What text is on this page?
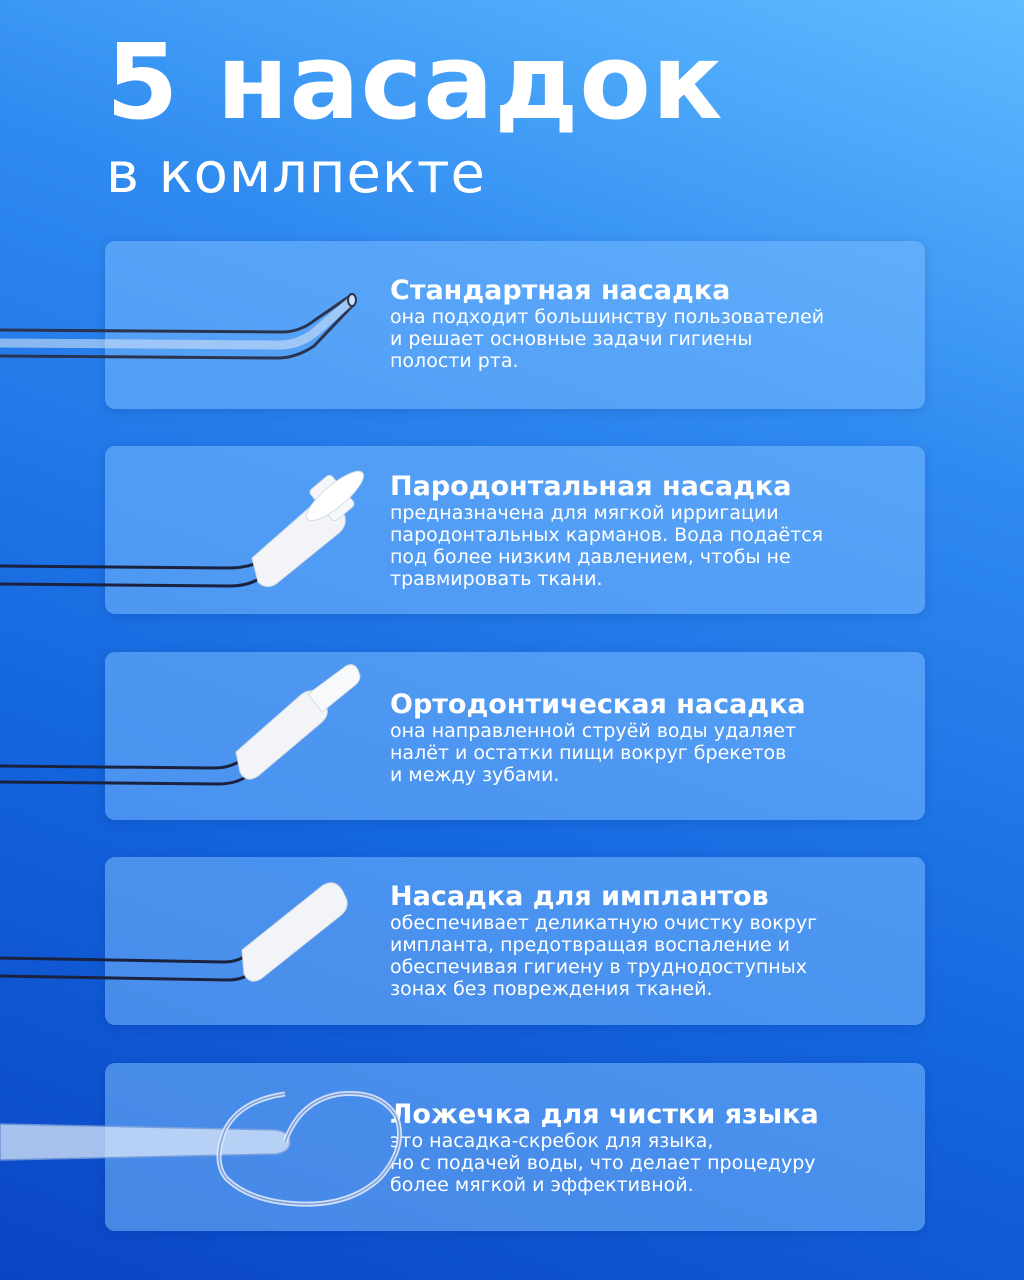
5 насадок
в комлпекте
Стандартная насадка
она подходит большинству пользователей
и решает основные задачи гигиены
полости рта.
Пародонтальная насадка
предназначена для мягкой ирригации
пародонтальных карманов. Вода подаётся
под более низким давлением, чтобы не
травмировать ткани.
Ортодонтическая насадка
она направленной струёй воды удаляет
налёт и остатки пищи вокруг брекетов
и между зубами.
Насадка для имплантов
обеспечивает деликатную очистку вокруг
импланта, предотвращая воспаление и
обеспечивая гигиену в труднодоступных
зонах без повреждения тканей.
Ложечка для чистки языка
это насадка-скребок для языка,
но с подачей воды, что делает процедуру
более мягкой и эффективной.
